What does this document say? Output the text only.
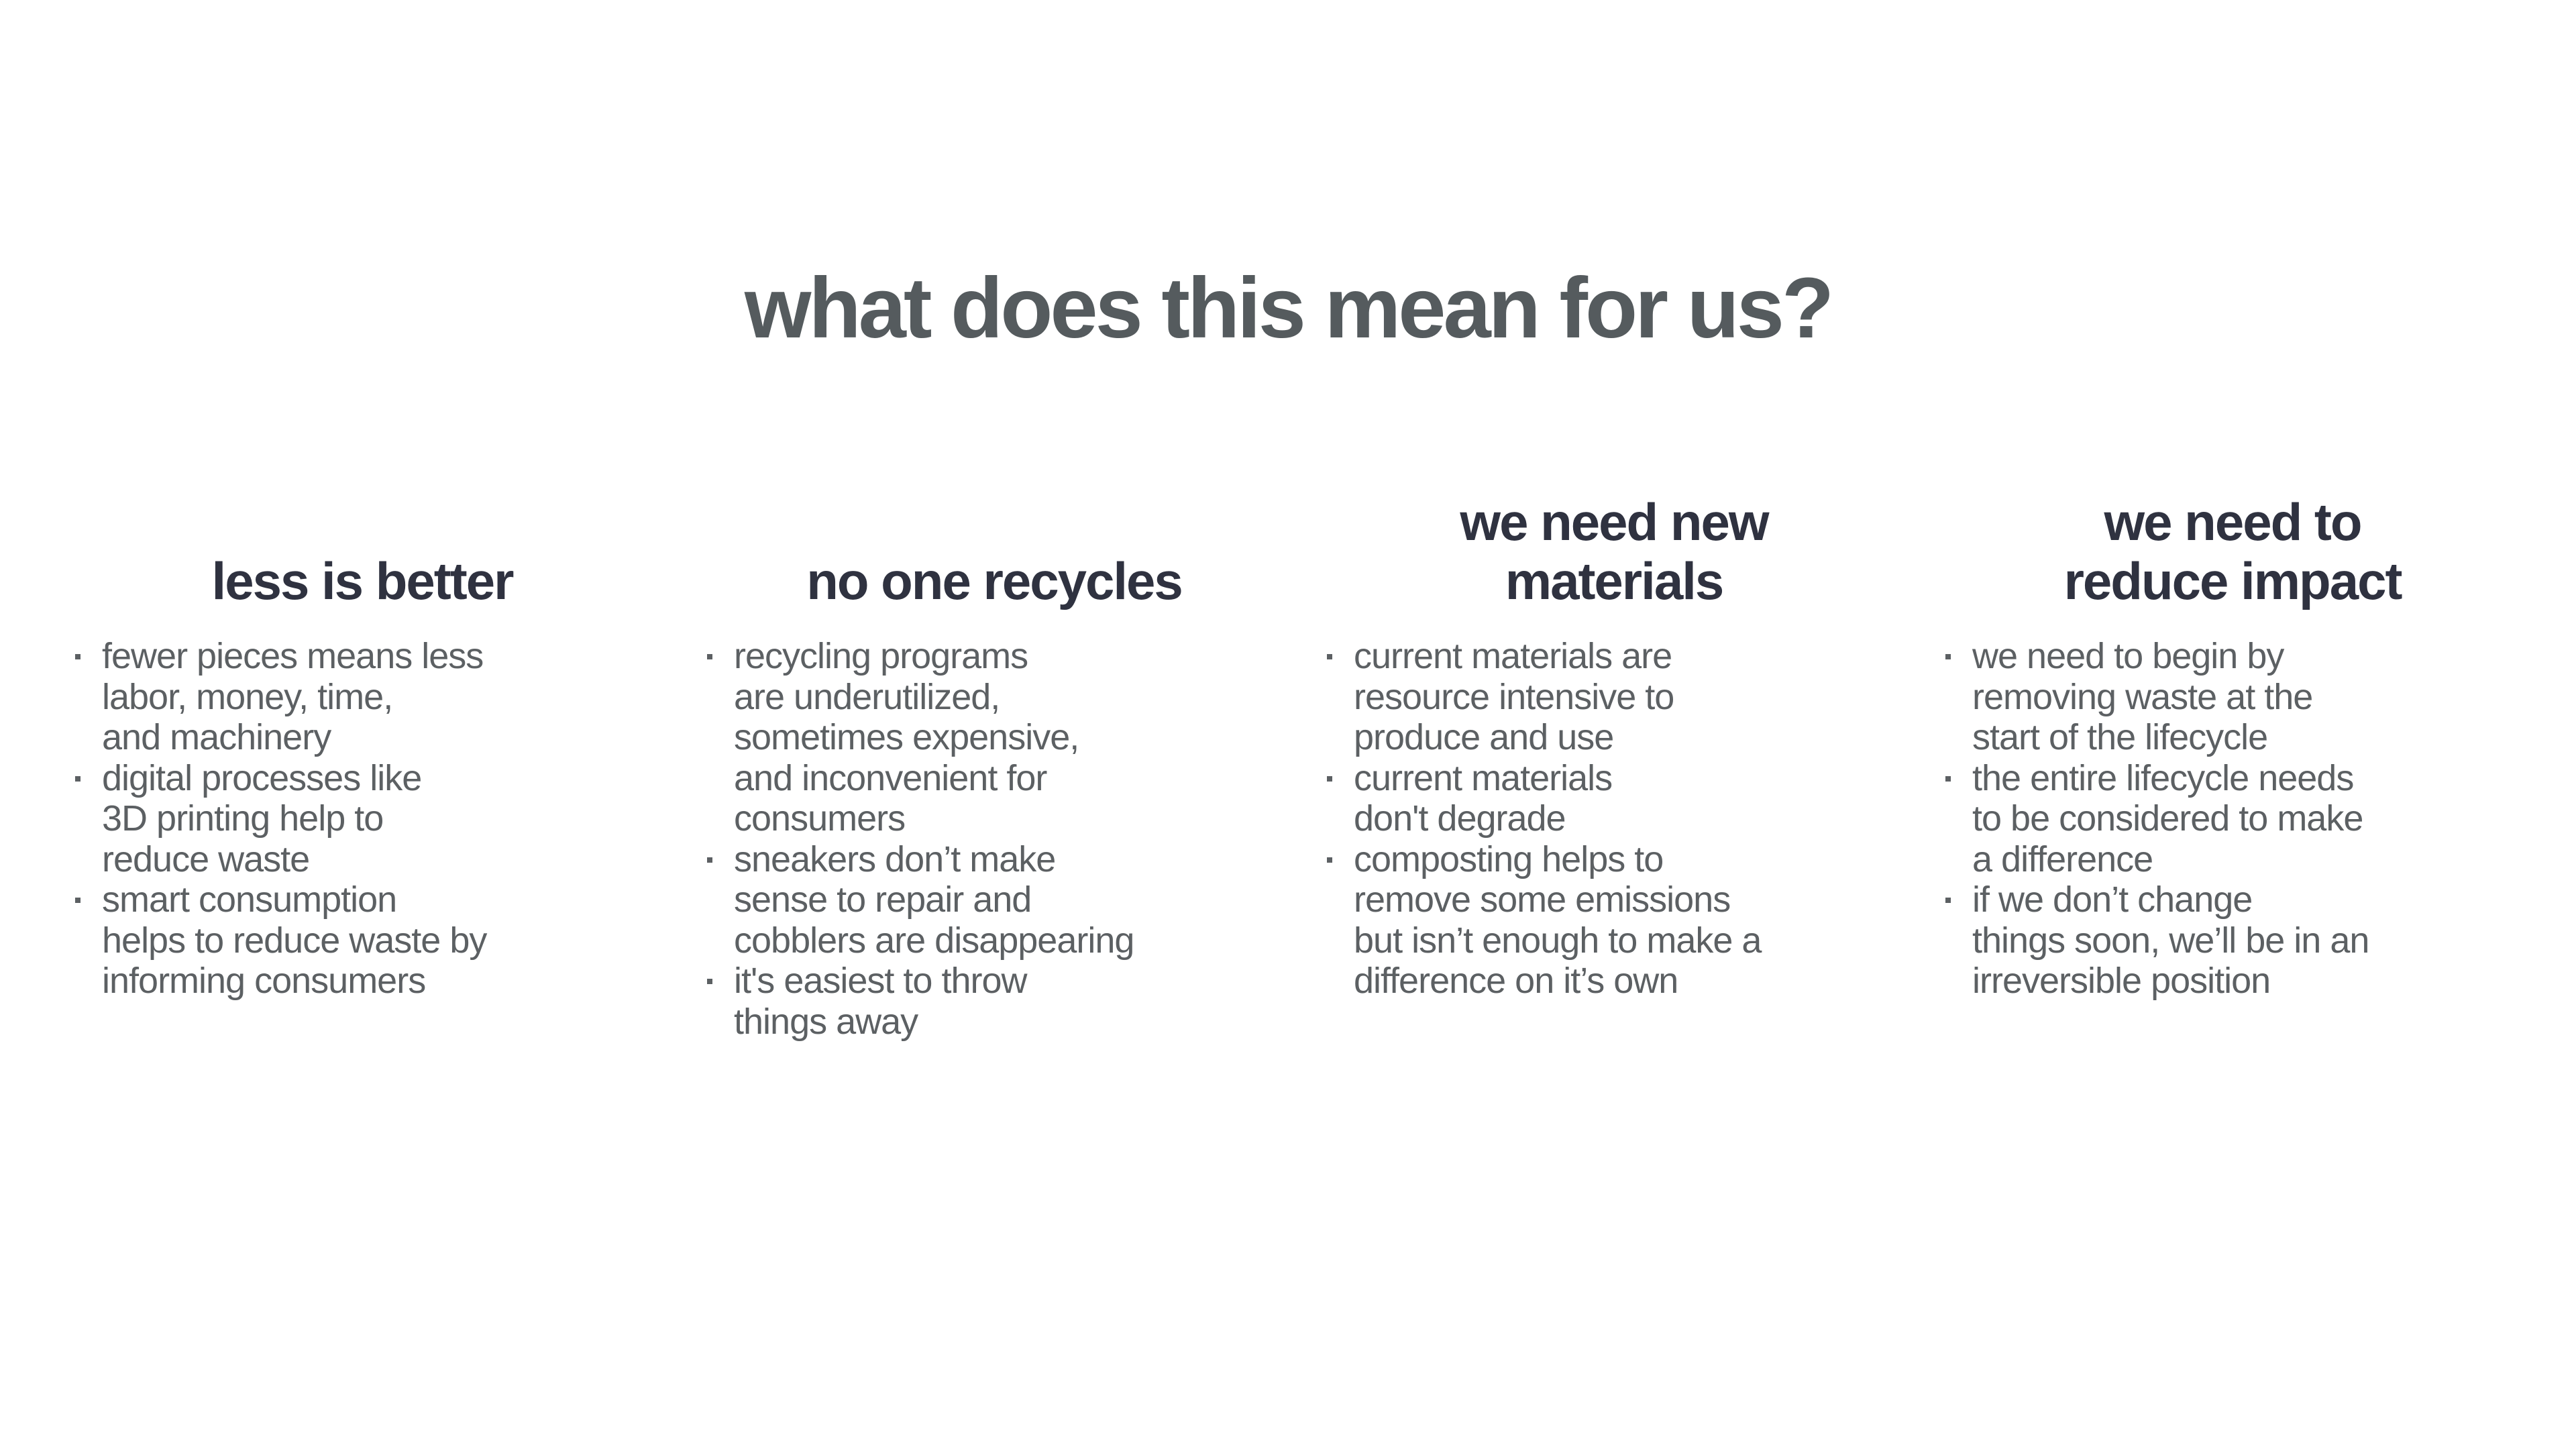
what does this mean for us?
less is better
fewer pieces means less
labor, money, time,
and machinery
digital processes like
3D printing help to
reduce waste
smart consumption
helps to reduce waste by
informing consumers
no one recycles
recycling programs
are underutilized,
sometimes expensive,
and inconvenient for
consumers
sneakers don’t make
sense to repair and
cobblers are disappearing
it's easiest to throw
things away
we need new
materials
current materials are
resource intensive to
produce and use
current materials
don't degrade
composting helps to
remove some emissions
but isn’t enough to make a
difference on it’s own
we need to
reduce impact
we need to begin by
removing waste at the
start of the lifecycle
the entire lifecycle needs
to be considered to make
a difference
if we don’t change
things soon, we’ll be in an
irreversible position
